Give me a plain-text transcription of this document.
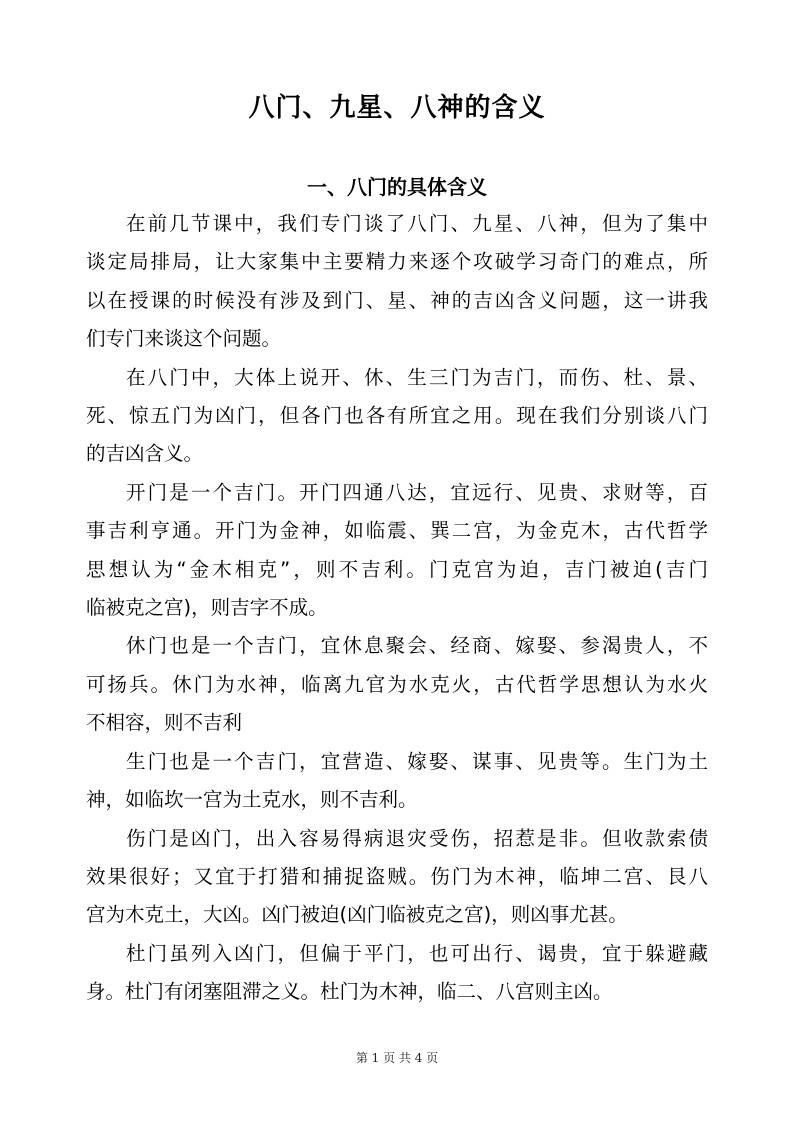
八门、九星、八神的含义
一、八门的具体含义

在前几节课中，我们专门谈了八门、九星、八神，但为了集中
谈定局排局，让大家集中主要精力来逐个攻破学习奇门的难点，所
以在授课的时候没有涉及到门、星、神的吉凶含义问题，这一讲我
们专门来谈这个问题。

在八门中，大体上说开、休、生三门为吉门，而伤、杜、景、
死、惊五门为凶门，但各门也各有所宜之用。现在我们分别谈八门
的吉凶含义。

开门是一个吉门。开门四通八达，宜远行、见贵、求财等，百
事吉利亨通。开门为金神，如临震、巽二宫，为金克木，古代哲学
思想认为“金木相克”，则不吉利。门克宫为迫，吉门被迫(吉门
临被克之宫)，则吉字不成。

休门也是一个吉门，宜休息聚会、经商、嫁娶、参渴贵人，不
可扬兵。休门为水神，临离九官为水克火，古代哲学思想认为水火
不相容，则不吉利

生门也是一个吉门，宜营造、嫁娶、谋事、见贵等。生门为土
神，如临坎一宫为土克水，则不吉利。

伤门是凶门，出入容易得病退灾受伤，招惹是非。但收款索债
效果很好；又宜于打猎和捕捉盗贼。伤门为木神，临坤二宫、艮八
宫为木克土，大凶。凶门被迫(凶门临被克之宫)，则凶事尤甚。

杜门虽列入凶门，但偏于平门，也可出行、谒贵，宜于躲避藏
身。杜门有闭塞阻滞之义。杜门为木神，临二、八宫则主凶。

第 1 页 共 4 页
